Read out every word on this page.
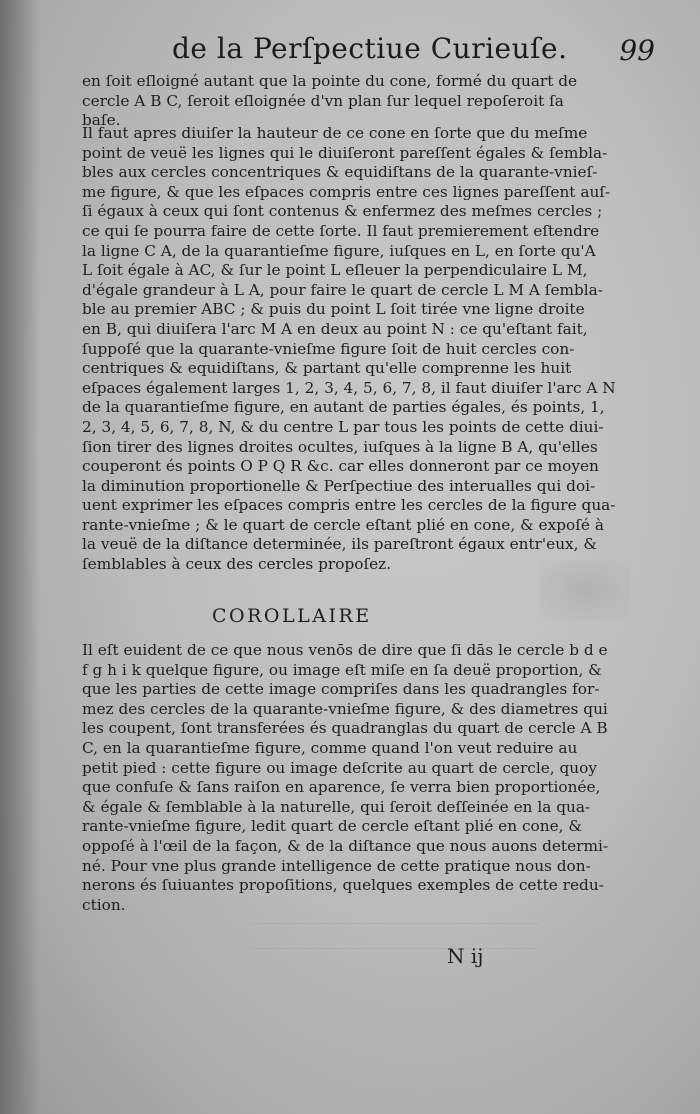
de la Perſpectiue Curieuſe. 99
en ſoit eſloigné autant que la pointe du cone, formé du quart de
cercle A B C, ſeroit eſloignée d'vn plan ſur lequel repoſeroit ſa
baſe.
Il faut apres diuiſer la hauteur de ce cone en ſorte que du meſme
point de veuë les lignes qui le diuiſeront pareſſent égales & ſembla-
bles aux cercles concentriques & equidiſtans de la quarante-vnieſ-
me figure, & que les eſpaces compris entre ces lignes pareſſent auſ-
ſi égaux à ceux qui ſont contenus & enfermez des meſmes cercles ;
ce qui ſe pourra faire de cette ſorte. Il faut premierement eſtendre
la ligne C A, de la quarantieſme figure, iuſques en L, en ſorte qu'A
L ſoit égale à AC, & ſur le point L eſleuer la perpendiculaire L M,
d'égale grandeur à L A, pour faire le quart de cercle L M A ſembla-
ble au premier ABC ; & puis du point L ſoit tirée vne ligne droite
en B, qui diuiſera l'arc M A en deux au point N : ce qu'eſtant fait,
ſuppoſé que la quarante-vnieſme figure ſoit de huit cercles con-
centriques & equidiſtans, & partant qu'elle comprenne les huit
eſpaces également larges 1, 2, 3, 4, 5, 6, 7, 8, il faut diuiſer l'arc A N
de la quarantieſme figure, en autant de parties égales, és points, 1,
2, 3, 4, 5, 6, 7, 8, N, & du centre L par tous les points de cette diui-
ſion tirer des lignes droites ocultes, iuſques à la ligne B A, qu'elles
couperont és points O P Q R &c. car elles donneront par ce moyen
la diminution proportionelle & Perſpectiue des interualles qui doi-
uent exprimer les eſpaces compris entre les cercles de la figure qua-
rante-vnieſme ; & le quart de cercle eſtant plié en cone, & expoſé à
la veuë de la diſtance determinée, ils pareſtront égaux entr'eux, &
ſemblables à ceux des cercles propoſez.
COROLLAIRE
Il eſt euident de ce que nous venōs de dire que ſi dās le cercle b d e
f g h i k quelque figure, ou image eſt miſe en ſa deuë proportion, &
que les parties de cette image compriſes dans les quadrangles for-
mez des cercles de la quarante-vnieſme figure, & des diametres qui
les coupent, ſont transferées és quadranglas du quart de cercle A B
C, en la quarantieſme figure, comme quand l'on veut reduire au
petit pied : cette figure ou image deſcrite au quart de cercle, quoy
que confuſe & ſans raiſon en aparence, ſe verra bien proportionée,
& égale & ſemblable à la naturelle, qui ſeroit deſſeinée en la qua-
rante-vnieſme figure, ledit quart de cercle eſtant plié en cone, &
oppoſé à l'œil de la façon, & de la diſtance que nous auons determi-
né. Pour vne plus grande intelligence de cette pratique nous don-
nerons és ſuiuantes propoſitions, quelques exemples de cette redu-
ction.
N ij
